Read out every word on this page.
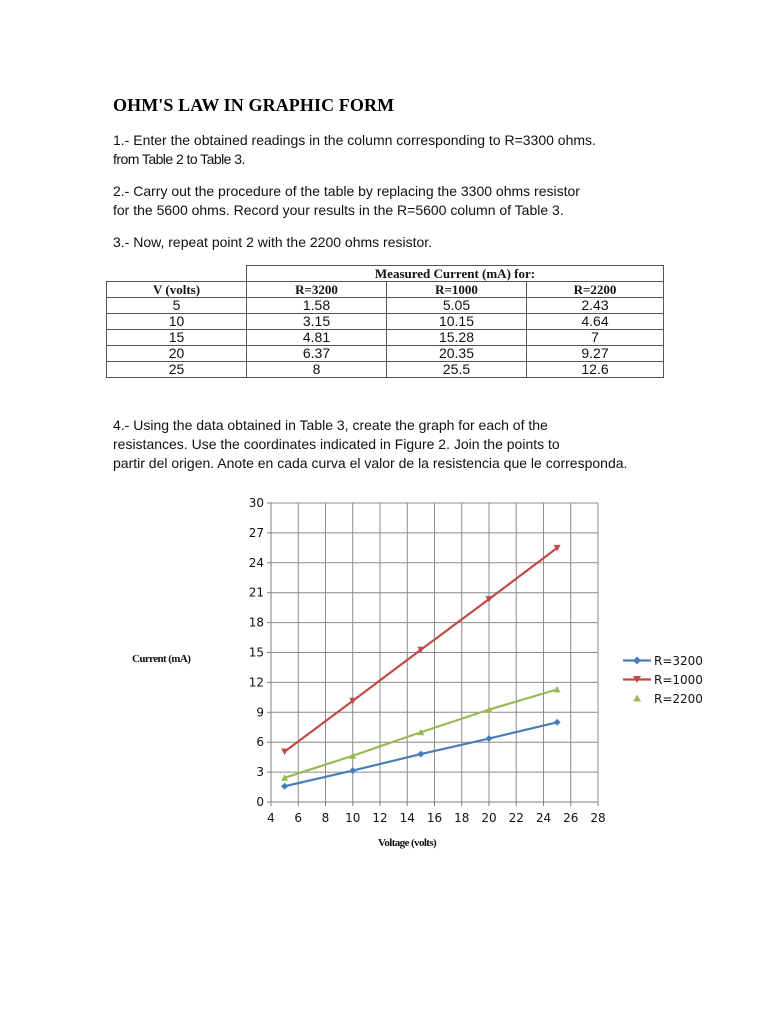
OHM'S LAW IN GRAPHIC FORM
1.- Enter the obtained readings in the column corresponding to R=3300 ohms.
from Table 2 to Table 3.
2.- Carry out the procedure of the table by replacing the 3300 ohms resistor
for the 5600 ohms. Record your results in the R=5600 column of Table 3.
3.- Now, repeat point 2 with the 2200 ohms resistor.
	Measured Current (mA) for:		
V (volts)	R=3200	R=1000	R=2200
5	1.58	5.05	2.43
10	3.15	10.15	4.64
15	4.81	15.28	7
20	6.37	20.35	9.27
25	8	25.5	12.6
4.- Using the data obtained in Table 3, create the graph for each of the
resistances. Use the coordinates indicated in Figure 2. Join the points to
partir del origen. Anote en cada curva el valor de la resistencia que le corresponda.
0
3
6
9
12
15
18
21
24
27
30
4 6 8 10 12 14 16 18 20 22 24 26 28
Current (mA)
Voltage (volts)
R=3200
R=1000
R=2200
